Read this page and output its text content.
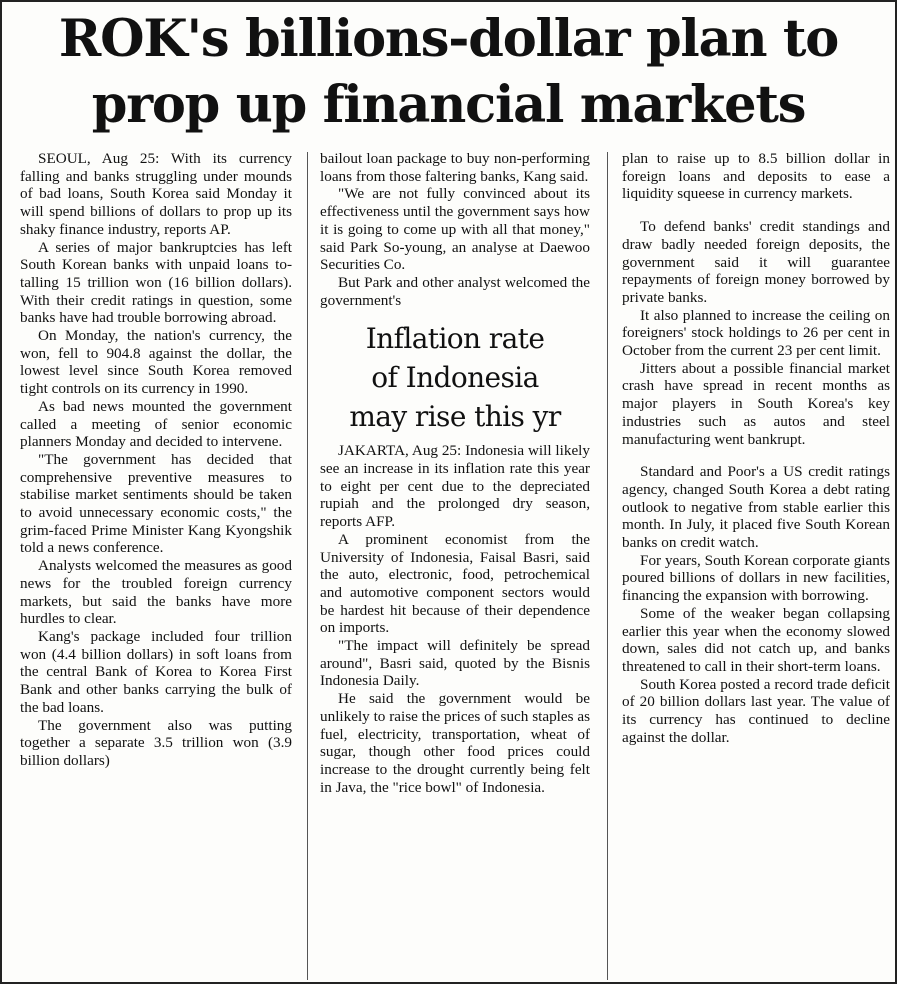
ROK's billions-dollar plan to
prop up financial markets

SEOUL, Aug 25: With its currency falling and banks struggling under mounds of bad loans, South Korea said Monday it will spend billions of dollars to prop up its shaky finance industry, reports AP.

A series of major bankruptcies has left South Korean banks with unpaid loans totalling 15 trillion won (16 billion dollars). With their credit ratings in question, some banks have had trouble borrowing abroad.

On Monday, the nation's currency, the won, fell to 904.8 against the dollar, the lowest level since South Korea removed tight controls on its currency in 1990.

As bad news mounted the government called a meeting of senior economic planners Monday and decided to intervene.

"The government has decided that comprehensive preventive measures to stabilise market sentiments should be taken to avoid unnecessary economic costs," the grim-faced Prime Minister Kang Kyongshik told a news conference.

Analysts welcomed the measures as good news for the troubled foreign currency markets, but said the banks have more hurdles to clear.

Kang's package included four trillion won (4.4 billion dollars) in soft loans from the central Bank of Korea to Korea First Bank and other banks carrying the bulk of the bad loans.

The government also was putting together a separate 3.5 trillion won (3.9 billion dollars)

bailout loan package to buy non-performing loans from those faltering banks, Kang said.

"We are not fully convinced about its effectiveness until the government says how it is going to come up with all that money," said Park So-young, an analyse at Daewoo Securities Co.

But Park and other analyst welcomed the government's

Inflation rate
of Indonesia
may rise this yr

JAKARTA, Aug 25: Indonesia will likely see an increase in its inflation rate this year to eight per cent due to the depreciated rupiah and the prolonged dry season, reports AFP.

A prominent economist from the University of Indonesia, Faisal Basri, said the auto, electronic, food, petrochemical and automotive component sectors would be hardest hit because of their dependence on imports.

"The impact will definitely be spread around", Basri said, quoted by the Bisnis Indonesia Daily.

He said the government would be unlikely to raise the prices of such staples as fuel, electricity, transportation, wheat of sugar, though other food prices could increase to the drought currently being felt in Java, the "rice bowl" of Indonesia.

plan to raise up to 8.5 billion dollar in foreign loans and deposits to ease a liquidity squeese in currency markets.

To defend banks' credit standings and draw badly needed foreign deposits, the government said it will guarantee repayments of foreign money borrowed by private banks.

It also planned to increase the ceiling on foreigners' stock holdings to 26 per cent in October from the current 23 per cent limit.

Jitters about a possible financial market crash have spread in recent months as major players in South Korea's key industries such as autos and steel manufacturing went bankrupt.

Standard and Poor's a US credit ratings agency, changed South Korea a debt rating outlook to negative from stable earlier this month. In July, it placed five South Korean banks on credit watch.

For years, South Korean corporate giants poured billions of dollars in new facilities, financing the expansion with borrowing.

Some of the weaker began collapsing earlier this year when the economy slowed down, sales did not catch up, and banks threatened to call in their short-term loans.

South Korea posted a record trade deficit of 20 billion dollars last year. The value of its currency has continued to decline against the dollar.
